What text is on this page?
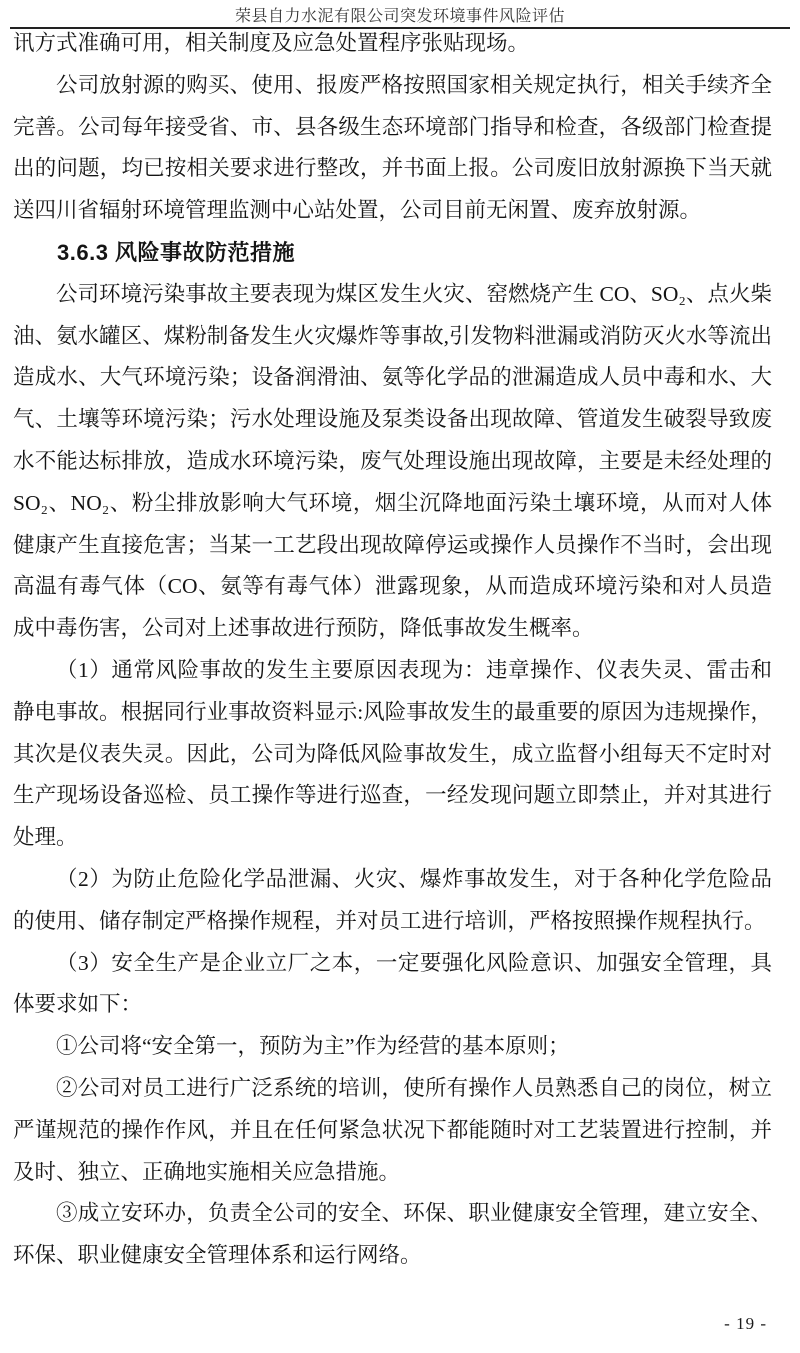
荣县自力水泥有限公司突发环境事件风险评估

讯方式准确可用，相关制度及应急处置程序张贴现场。

公司放射源的购买、使用、报废严格按照国家相关规定执行，相关手续齐全完善。公司每年接受省、市、县各级生态环境部门指导和检查，各级部门检查提出的问题，均已按相关要求进行整改，并书面上报。公司废旧放射源换下当天就送四川省辐射环境管理监测中心站处置，公司目前无闲置、废弃放射源。

3.6.3 风险事故防范措施

公司环境污染事故主要表现为煤区发生火灾、窑燃烧产生 CO、SO₂、点火柴油、氨水罐区、煤粉制备发生火灾爆炸等事故,引发物料泄漏或消防灭火水等流出造成水、大气环境污染；设备润滑油、氨等化学品的泄漏造成人员中毒和水、大气、土壤等环境污染；污水处理设施及泵类设备出现故障、管道发生破裂导致废水不能达标排放，造成水环境污染，废气处理设施出现故障，主要是未经处理的 SO₂、NO₂、粉尘排放影响大气环境，烟尘沉降地面污染土壤环境，从而对人体健康产生直接危害；当某一工艺段出现故障停运或操作人员操作不当时，会出现高温有毒气体（CO、氨等有毒气体）泄露现象，从而造成环境污染和对人员造成中毒伤害，公司对上述事故进行预防，降低事故发生概率。

（1）通常风险事故的发生主要原因表现为：违章操作、仪表失灵、雷击和静电事故。根据同行业事故资料显示:风险事故发生的最重要的原因为违规操作，其次是仪表失灵。因此，公司为降低风险事故发生，成立监督小组每天不定时对生产现场设备巡检、员工操作等进行巡查，一经发现问题立即禁止，并对其进行处理。

（2）为防止危险化学品泄漏、火灾、爆炸事故发生，对于各种化学危险品的使用、储存制定严格操作规程，并对员工进行培训，严格按照操作规程执行。

（3）安全生产是企业立厂之本，一定要强化风险意识、加强安全管理，具体要求如下：

①公司将“安全第一，预防为主”作为经营的基本原则；

②公司对员工进行广泛系统的培训，使所有操作人员熟悉自己的岗位，树立严谨规范的操作作风，并且在任何紧急状况下都能随时对工艺装置进行控制，并及时、独立、正确地实施相关应急措施。

③成立安环办，负责全公司的安全、环保、职业健康安全管理，建立安全、环保、职业健康安全管理体系和运行网络。

- 19 -
